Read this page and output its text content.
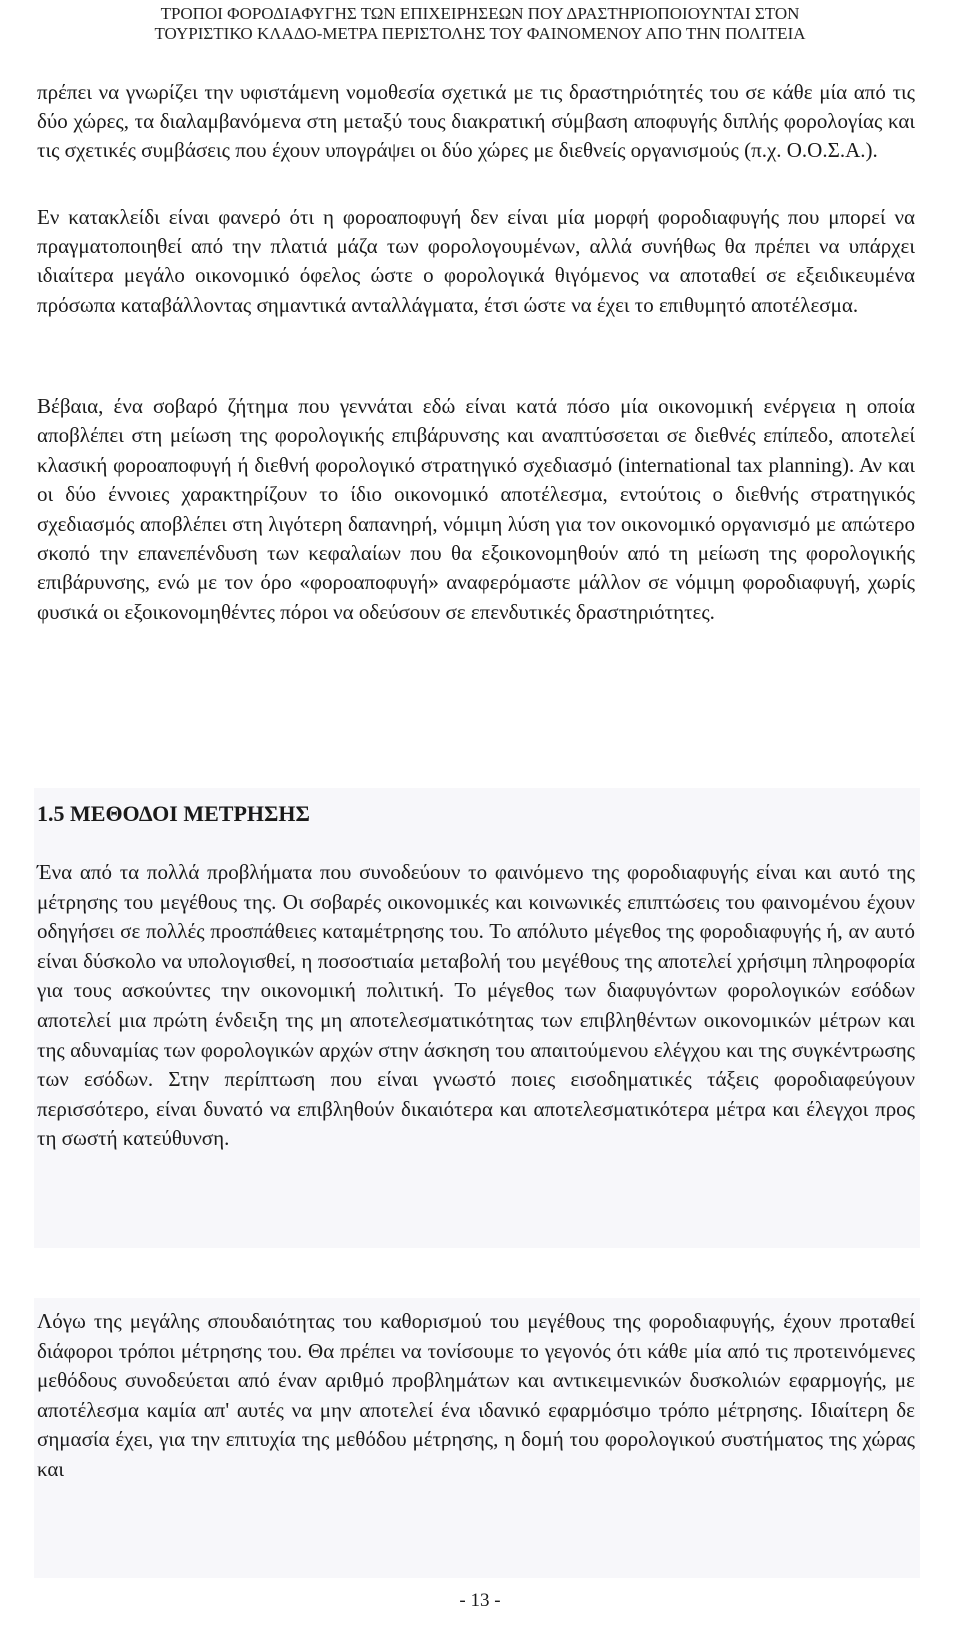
ΤΡΟΠΟΙ ΦΟΡΟΔΙΑΦΥΓΗΣ ΤΩΝ ΕΠΙΧΕΙΡΗΣΕΩΝ ΠΟΥ ΔΡΑΣΤΗΡΙΟΠΟΙΟΥΝΤΑΙ ΣΤΟΝ
ΤΟΥΡΙΣΤΙΚΟ ΚΛΑΔΟ-ΜΕΤΡΑ ΠΕΡΙΣΤΟΛΗΣ ΤΟΥ ΦΑΙΝΟΜΕΝΟΥ ΑΠΟ ΤΗΝ ΠΟΛΙΤΕΙΑ

πρέπει να γνωρίζει την υφιστάμενη νομοθεσία σχετικά με τις δραστηριότητές του σε κάθε μία από τις δύο χώρες, τα διαλαμβανόμενα στη μεταξύ τους διακρατική σύμβαση αποφυγής διπλής φορολογίας και τις σχετικές συμβάσεις που έχουν υπογράψει οι δύο χώρες με διεθνείς οργανισμούς (π.χ. Ο.Ο.Σ.Α.).

Εν κατακλείδι είναι φανερό ότι η φοροαποφυγή δεν είναι μία μορφή φοροδιαφυγής που μπορεί να πραγματοποιηθεί από την πλατιά μάζα των φορολογουμένων, αλλά συνήθως θα πρέπει να υπάρχει ιδιαίτερα μεγάλο οικονομικό όφελος ώστε ο φορολογικά θιγόμενος να αποταθεί σε εξειδικευμένα πρόσωπα καταβάλλοντας σημαντικά ανταλλάγματα, έτσι ώστε να έχει το επιθυμητό αποτέλεσμα.

Βέβαια, ένα σοβαρό ζήτημα που γεννάται εδώ είναι κατά πόσο μία οικονομική ενέργεια η οποία αποβλέπει στη μείωση της φορολογικής επιβάρυνσης και αναπτύσσεται σε διεθνές επίπεδο, αποτελεί κλασική φοροαποφυγή ή διεθνή φορολογικό στρατηγικό σχεδιασμό (international tax planning). Αν και οι δύο έννοιες χαρακτηρίζουν το ίδιο οικονομικό αποτέλεσμα, εντούτοις ο διεθνής στρατηγικός σχεδιασμός αποβλέπει στη λιγότερη δαπανηρή, νόμιμη λύση για τον οικονομικό οργανισμό με απώτερο σκοπό την επανεπένδυση των κεφαλαίων που θα εξοικονομηθούν από τη μείωση της φορολογικής επιβάρυνσης, ενώ με τον όρο «φοροαποφυγή» αναφερόμαστε μάλλον σε νόμιμη φοροδιαφυγή, χωρίς φυσικά οι εξοικονομηθέντες πόροι να οδεύσουν σε επενδυτικές δραστηριότητες.

1.5 ΜΕΘΟΔΟΙ ΜΕΤΡΗΣΗΣ

Ένα από τα πολλά προβλήματα που συνοδεύουν το φαινόμενο της φοροδιαφυγής είναι και αυτό της μέτρησης του μεγέθους της. Οι σοβαρές οικονομικές και κοινωνικές επιπτώσεις του φαινομένου έχουν οδηγήσει σε πολλές προσπάθειες καταμέτρησης του. Το απόλυτο μέγεθος της φοροδιαφυγής ή, αν αυτό είναι δύσκολο να υπολογισθεί, η ποσοστιαία μεταβολή του μεγέθους της αποτελεί χρήσιμη πληροφορία για τους ασκούντες την οικονομική πολιτική. Το μέγεθος των διαφυγόντων φορολογικών εσόδων αποτελεί μια πρώτη ένδειξη της μη αποτελεσματικότητας των επιβληθέντων οικονομικών μέτρων και της αδυναμίας των φορολογικών αρχών στην άσκηση του απαιτούμενου ελέγχου και της συγκέντρωσης των εσόδων. Στην περίπτωση που είναι γνωστό ποιες εισοδηματικές τάξεις φοροδιαφεύγουν περισσότερο, είναι δυνατό να επιβληθούν δικαιότερα και αποτελεσματικότερα μέτρα και έλεγχοι προς τη σωστή κατεύθυνση.

Λόγω της μεγάλης σπουδαιότητας του καθορισμού του μεγέθους της φοροδιαφυγής, έχουν προταθεί διάφοροι τρόποι μέτρησης του. Θα πρέπει να τονίσουμε το γεγονός ότι κάθε μία από τις προτεινόμενες μεθόδους συνοδεύεται από έναν αριθμό προβλημάτων και αντικειμενικών δυσκολιών εφαρμογής, με αποτέλεσμα καμία απ' αυτές να μην αποτελεί ένα ιδανικό εφαρμόσιμο τρόπο μέτρησης. Ιδιαίτερη δε σημασία έχει, για την επιτυχία της μεθόδου μέτρησης, η δομή του φορολογικού συστήματος της χώρας και

- 13 -
